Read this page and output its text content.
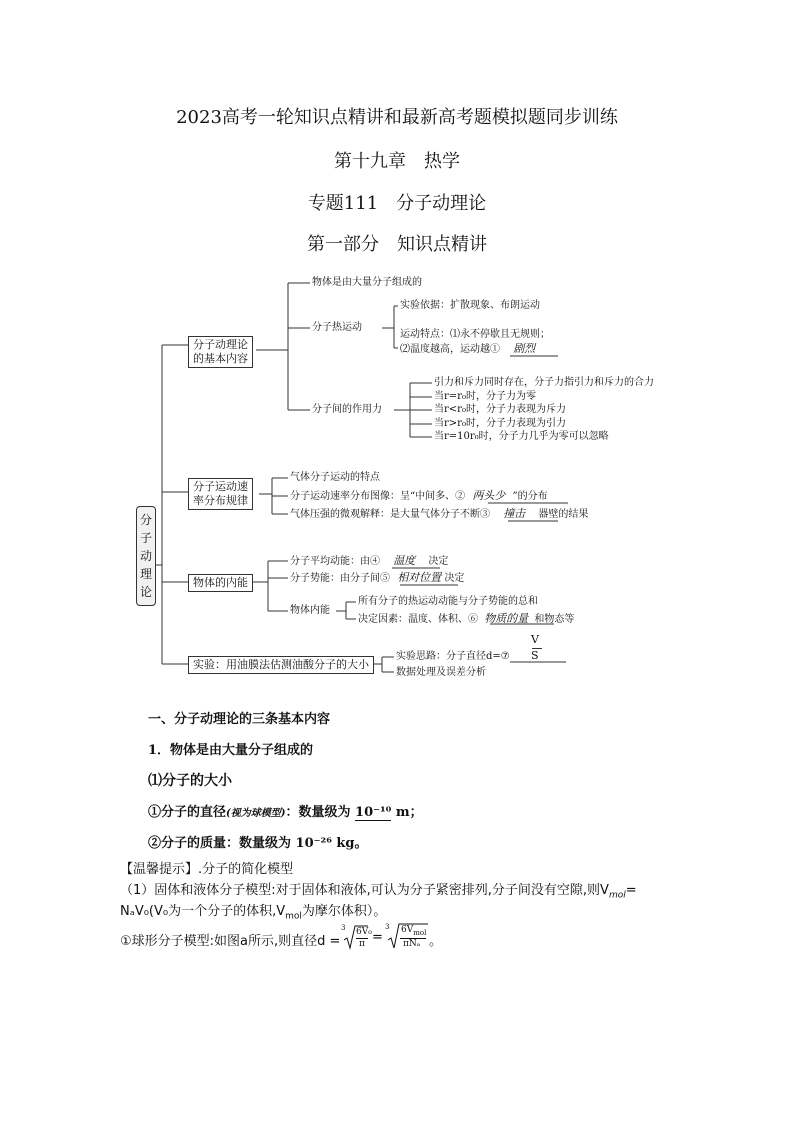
2023高考一轮知识点精讲和最新高考题模拟题同步训练
第十九章　热学
专题111　分子动理论
第一部分　知识点精讲
分子动理论
分子动理论
的基本内容
物体是由大量分子组成的
分子热运动
实验依据：扩散现象、布朗运动
运动特点：⑴永不停歇且无规则；
⑵温度越高，运动越① 剧烈
分子间的作用力
引力和斥力同时存在，分子力指引力和斥力的合力
当r=r₀时，分子力为零
当r<r₀时，分子力表现为斥力
当r>r₀时，分子力表现为引力
当r=10r₀时，分子力几乎为零可以忽略
分子运动速
率分布规律
气体分子运动的特点
分子运动速率分布图像：呈“中间多、② 两头少 ”的分布
气体压强的微观解释：是大量气体分子不断③ 撞击 器壁的结果
物体的内能
分子平均动能：由④ 温度 决定
分子势能：由分子间⑤ 相对位置 决定
物体内能
所有分子的热运动动能与分子势能的总和
决定因素：温度、体积、⑥ 物质的量 和物态等
实验：用油膜法估测油酸分子的大小
实验思路：分子直径d=⑦
V
S
数据处理及误差分析
一、分子动理论的三条基本内容
1．物体是由大量分子组成的
⑴分子的大小
①分子的直径(视为球模型)：数量级为 10⁻¹⁰ m；
②分子的质量：数量级为 10⁻²⁶ kg。
【温馨提示】.分子的简化模型
（1）固体和液体分子模型:对于固体和液体,可认为分子紧密排列,分子间没有空隙,则$V_{mol}=$
NₐV₀(V₀为一个分子的体积$,V_{mol}$为摩尔体积）。
①球形分子模型:如图a所示,则直径d =
3 6V₀
π =
3 $6V_{mol}$
πNₐ 。
